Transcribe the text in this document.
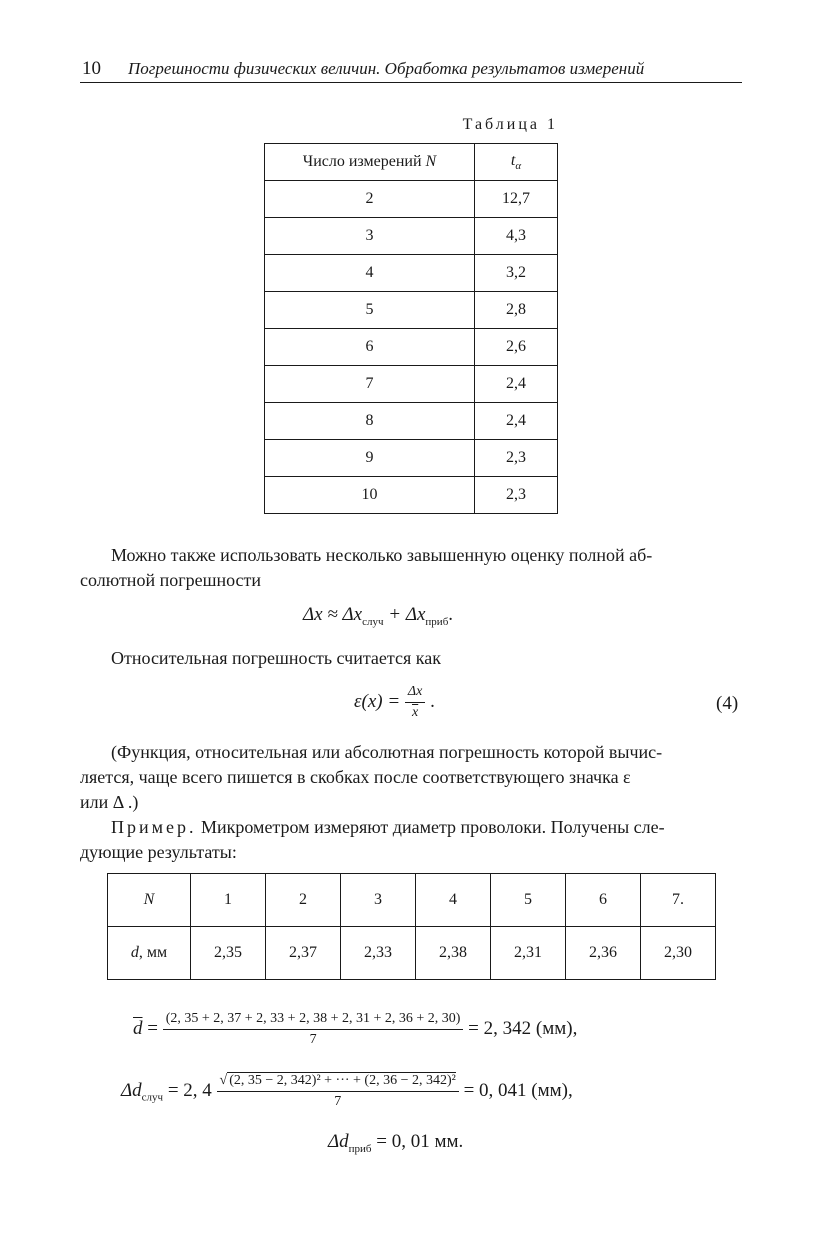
10 Погрешности физических величин. Обработка результатов измерений
Таблица 1
Число измерений N	$t_\alpha$
2	12,7
3	4,3
4	3,2
5	2,8
6	2,6
7	2,4
8	2,4
9	2,3
10	2,3
Можно также использовать несколько завышенную оценку полной аб-
солютной погрешности
$\Delta x \approx \Delta x_{случ} + \Delta x_{приб}$.
Относительная погрешность считается как
$\varepsilon(x) = \frac{\Delta x}{x}$ .	(4)
(Функция, относительная или абсолютная погрешность которой вычис-
ляется, чаще всего пишется в скобках после соответствующего значка ε
или Δ .)
Пример. Микрометром измеряют диаметр проволоки. Получены сле-
дующие результаты:
N	1	2	3	4	5	6	7.
d, мм	2,35	2,37	2,33	2,38	2,31	2,36	2,30
$\overline{d} = \frac{(2, 35 + 2, 37 + 2, 33 + 2, 38 + 2, 31 + 2, 36 + 2, 30)}{7} = 2$, 342 (мм),
$\Delta d_{случ} = 2$, $4 \frac{\text{√ (2, 35 − 2, 342)² + ··· + (2, 36 − 2, 342)²}}{7} = 0$, 041 (мм),
$\Delta d_{приб} = 0$, 01 мм.
